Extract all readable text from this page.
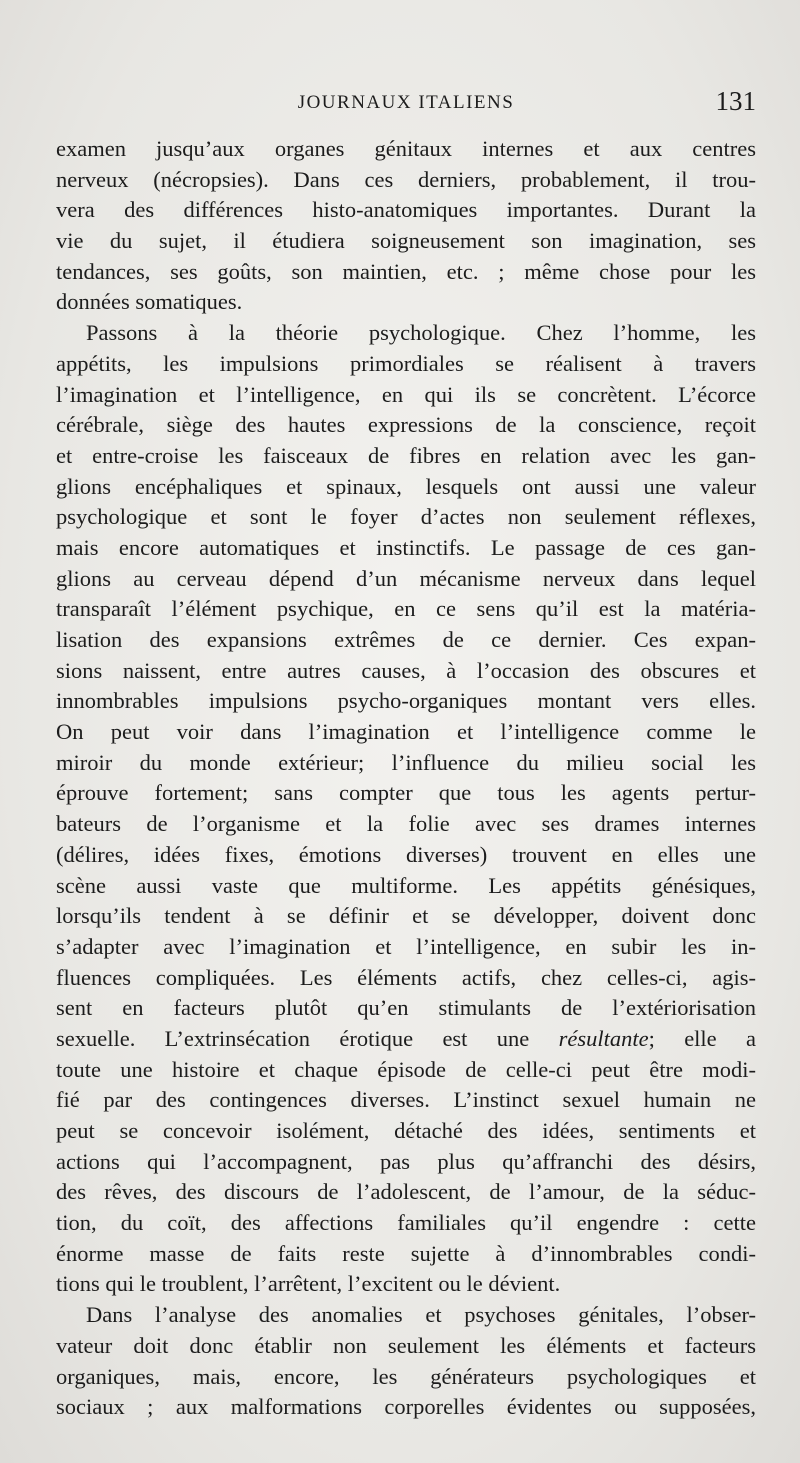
JOURNAUX ITALIENS	131
examen jusqu’aux organes génitaux internes et aux centres
nerveux (nécropsies). Dans ces derniers, probablement, il trou-
vera des différences histo-anatomiques importantes. Durant la
vie du sujet, il étudiera soigneusement son imagination, ses
tendances, ses goûts, son maintien, etc. ; même chose pour les
données somatiques.
Passons à la théorie psychologique. Chez l’homme, les
appétits, les impulsions primordiales se réalisent à travers
l’imagination et l’intelligence, en qui ils se concrètent. L’écorce
cérébrale, siège des hautes expressions de la conscience, reçoit
et entre-croise les faisceaux de fibres en relation avec les gan-
glions encéphaliques et spinaux, lesquels ont aussi une valeur
psychologique et sont le foyer d’actes non seulement réflexes,
mais encore automatiques et instinctifs. Le passage de ces gan-
glions au cerveau dépend d’un mécanisme nerveux dans lequel
transparaît l’élément psychique, en ce sens qu’il est la matéria-
lisation des expansions extrêmes de ce dernier. Ces expan-
sions naissent, entre autres causes, à l’occasion des obscures et
innombrables impulsions psycho-organiques montant vers elles.
On peut voir dans l’imagination et l’intelligence comme le
miroir du monde extérieur; l’influence du milieu social les
éprouve fortement; sans compter que tous les agents pertur-
bateurs de l’organisme et la folie avec ses drames internes
(délires, idées fixes, émotions diverses) trouvent en elles une
scène aussi vaste que multiforme. Les appétits génésiques,
lorsqu’ils tendent à se définir et se développer, doivent donc
s’adapter avec l’imagination et l’intelligence, en subir les in-
fluences compliquées. Les éléments actifs, chez celles-ci, agis-
sent en facteurs plutôt qu’en stimulants de l’extériorisation
sexuelle. L’extrinsécation érotique est une résultante; elle a
toute une histoire et chaque épisode de celle-ci peut être modi-
fié par des contingences diverses. L’instinct sexuel humain ne
peut se concevoir isolément, détaché des idées, sentiments et
actions qui l’accompagnent, pas plus qu’affranchi des désirs,
des rêves, des discours de l’adolescent, de l’amour, de la séduc-
tion, du coït, des affections familiales qu’il engendre : cette
énorme masse de faits reste sujette à d’innombrables condi-
tions qui le troublent, l’arrêtent, l’excitent ou le dévient.
Dans l’analyse des anomalies et psychoses génitales, l’obser-
vateur doit donc établir non seulement les éléments et facteurs
organiques, mais, encore, les générateurs psychologiques et
sociaux ; aux malformations corporelles évidentes ou supposées,
